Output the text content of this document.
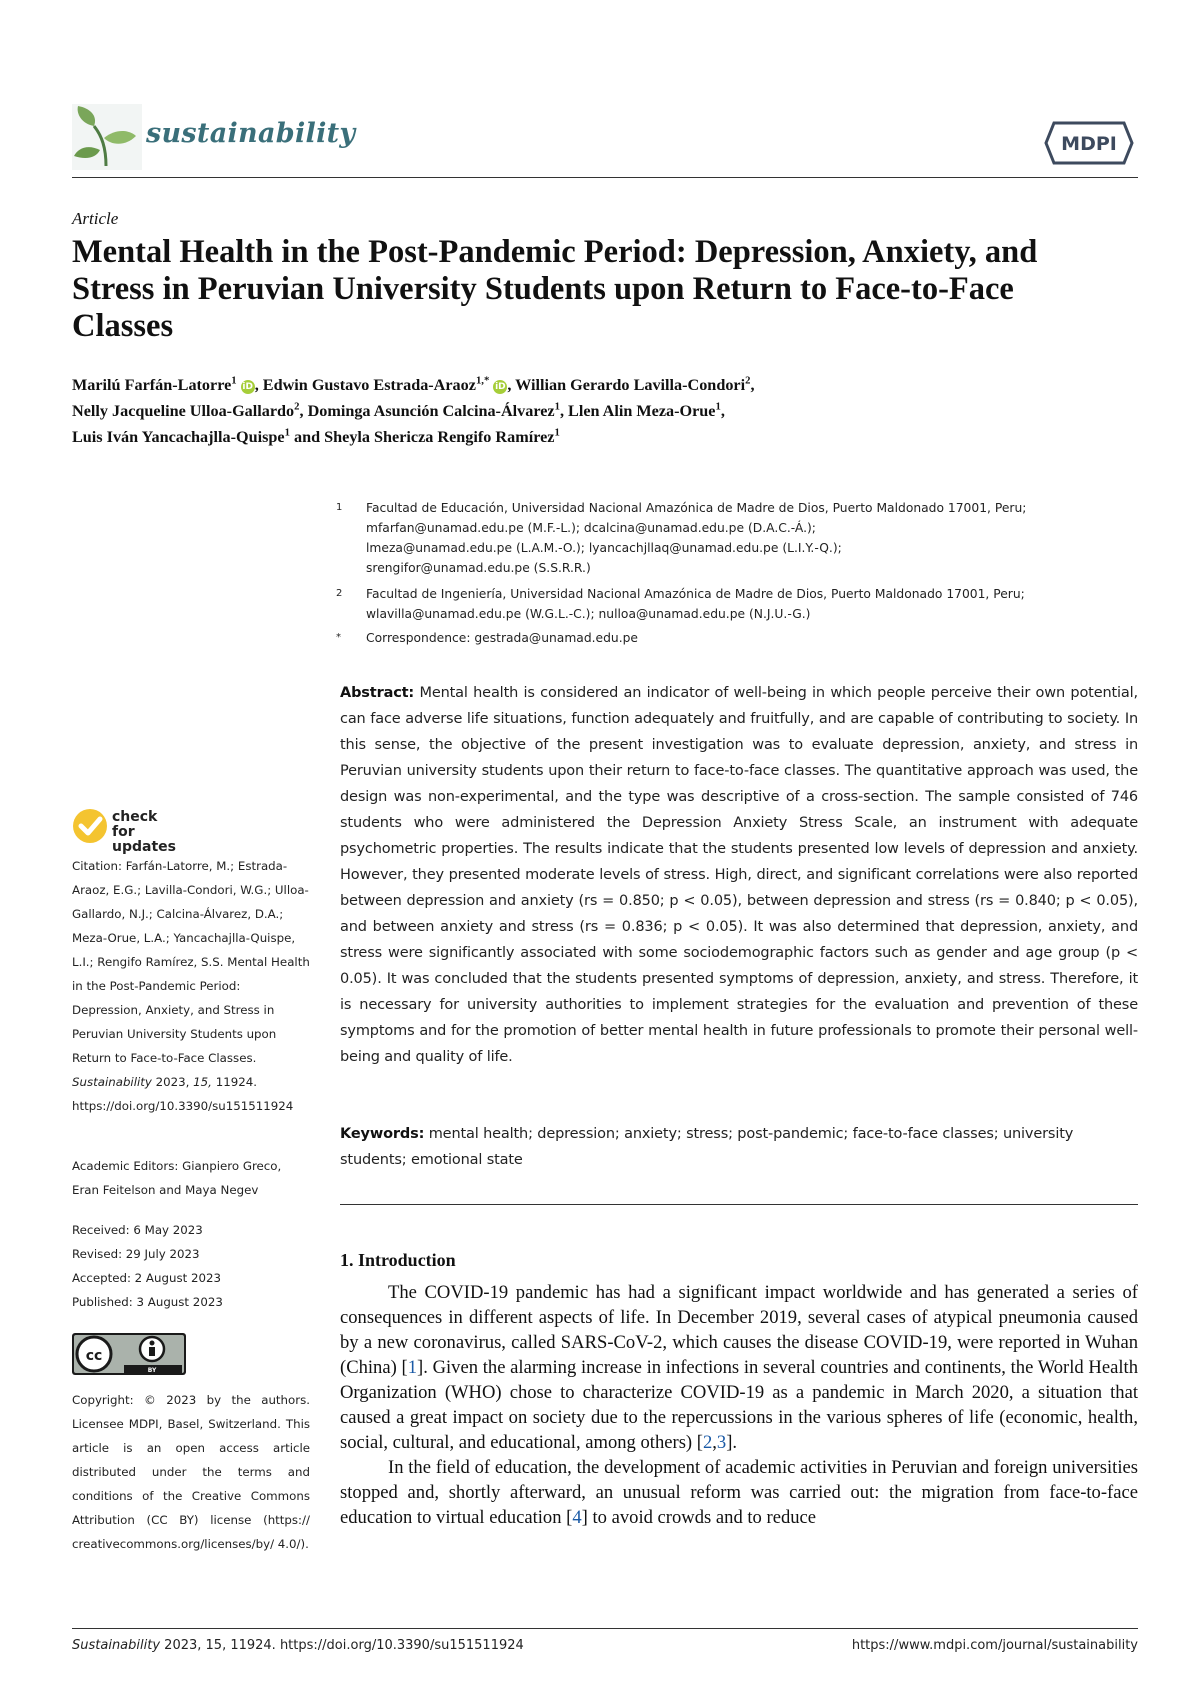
sustainability	MDPI
Article
Mental Health in the Post-Pandemic Period: Depression, Anxiety, and Stress in Peruvian University Students upon Return to Face-to-Face Classes
Marilú Farfán-Latorre$^1$ iD , Edwin Gustavo Estrada-Araoz$^{1,*}$ iD , Willian Gerardo Lavilla-Condori$^2$,
Nelly Jacqueline Ulloa-Gallardo$^2$, Dominga Asunción Calcina-Álvarez$^1$, Llen Alin Meza-Orue$^1$,
Luis Iván Yancachajlla-Quispe$^1$ and Sheyla Shericza Rengifo Ramírez$^1$
1 Facultad de Educación, Universidad Nacional Amazónica de Madre de Dios, Puerto Maldonado 17001, Peru;
mfarfan@unamad.edu.pe (M.F.-L.); dcalcina@unamad.edu.pe (D.A.C.-Á.);
lmeza@unamad.edu.pe (L.A.M.-O.); lyancachjllaq@unamad.edu.pe (L.I.Y.-Q.);
srengifor@unamad.edu.pe (S.S.R.R.)
2 Facultad de Ingeniería, Universidad Nacional Amazónica de Madre de Dios, Puerto Maldonado 17001, Peru;
wlavilla@unamad.edu.pe (W.G.L.-C.); nulloa@unamad.edu.pe (N.J.U.-G.)
* Correspondence: gestrada@unamad.edu.pe
Abstract: Mental health is considered an indicator of well-being in which people perceive their own potential, can face adverse life situations, function adequately and fruitfully, and are capable of contributing to society. In this sense, the objective of the present investigation was to evaluate depression, anxiety, and stress in Peruvian university students upon their return to face-to-face classes. The quantitative approach was used, the design was non-experimental, and the type was descriptive of a cross-section. The sample consisted of 746 students who were administered the Depression Anxiety Stress Scale, an instrument with adequate psychometric properties. The results indicate that the students presented low levels of depression and anxiety. However, they presented moderate levels of stress. High, direct, and significant correlations were also reported between depression and anxiety (rs = 0.850; p < 0.05), between depression and stress (rs = 0.840; p < 0.05), and between anxiety and stress (rs = 0.836; p < 0.05). It was also determined that depression, anxiety, and stress were significantly associated with some sociodemographic factors such as gender and age group (p < 0.05). It was concluded that the students presented symptoms of depression, anxiety, and stress. Therefore, it is necessary for university authorities to implement strategies for the evaluation and prevention of these symptoms and for the promotion of better mental health in future professionals to promote their personal well-being and quality of life.
Keywords: mental health; depression; anxiety; stress; post-pandemic; face-to-face classes; university students; emotional state
1. Introduction

The COVID-19 pandemic has had a significant impact worldwide and has generated a series of consequences in different aspects of life. In December 2019, several cases of atypical pneumonia caused by a new coronavirus, called SARS-CoV-2, which causes the disease COVID-19, were reported in Wuhan (China) [1]. Given the alarming increase in infections in several countries and continents, the World Health Organization (WHO) chose to characterize COVID-19 as a pandemic in March 2020, a situation that caused a great impact on society due to the repercussions in the various spheres of life (economic, health, social, cultural, and educational, among others) [2,3].

In the field of education, the development of academic activities in Peruvian and foreign universities stopped and, shortly afterward, an unusual reform was carried out: the migration from face-to-face education to virtual education [4] to avoid crowds and to reduce

check for updates

Citation: Farfán-Latorre, M.; Estrada-Araoz, E.G.; Lavilla-Condori, W.G.; Ulloa-Gallardo, N.J.; Calcina-Álvarez, D.A.; Meza-Orue, L.A.; Yancachajlla-Quispe, L.I.; Rengifo Ramírez, S.S. Mental Health in the Post-Pandemic Period: Depression, Anxiety, and Stress in Peruvian University Students upon Return to Face-to-Face Classes. Sustainability 2023, 15, 11924. https://doi.org/10.3390/su151511924

Academic Editors: Gianpiero Greco, Eran Feitelson and Maya Negev

Received: 6 May 2023

Revised: 29 July 2023

Accepted: 2 August 2023

Published: 3 August 2023

cc
BY
Copyright: © 2023 by the authors. Licensee MDPI, Basel, Switzerland. This article is an open access article distributed under the terms and conditions of the Creative Commons Attribution (CC BY) license (https:// creativecommons.org/licenses/by/ 4.0/).
Sustainability 2023, 15, 11924. https://doi.org/10.3390/su151511924	https://www.mdpi.com/journal/sustainability
